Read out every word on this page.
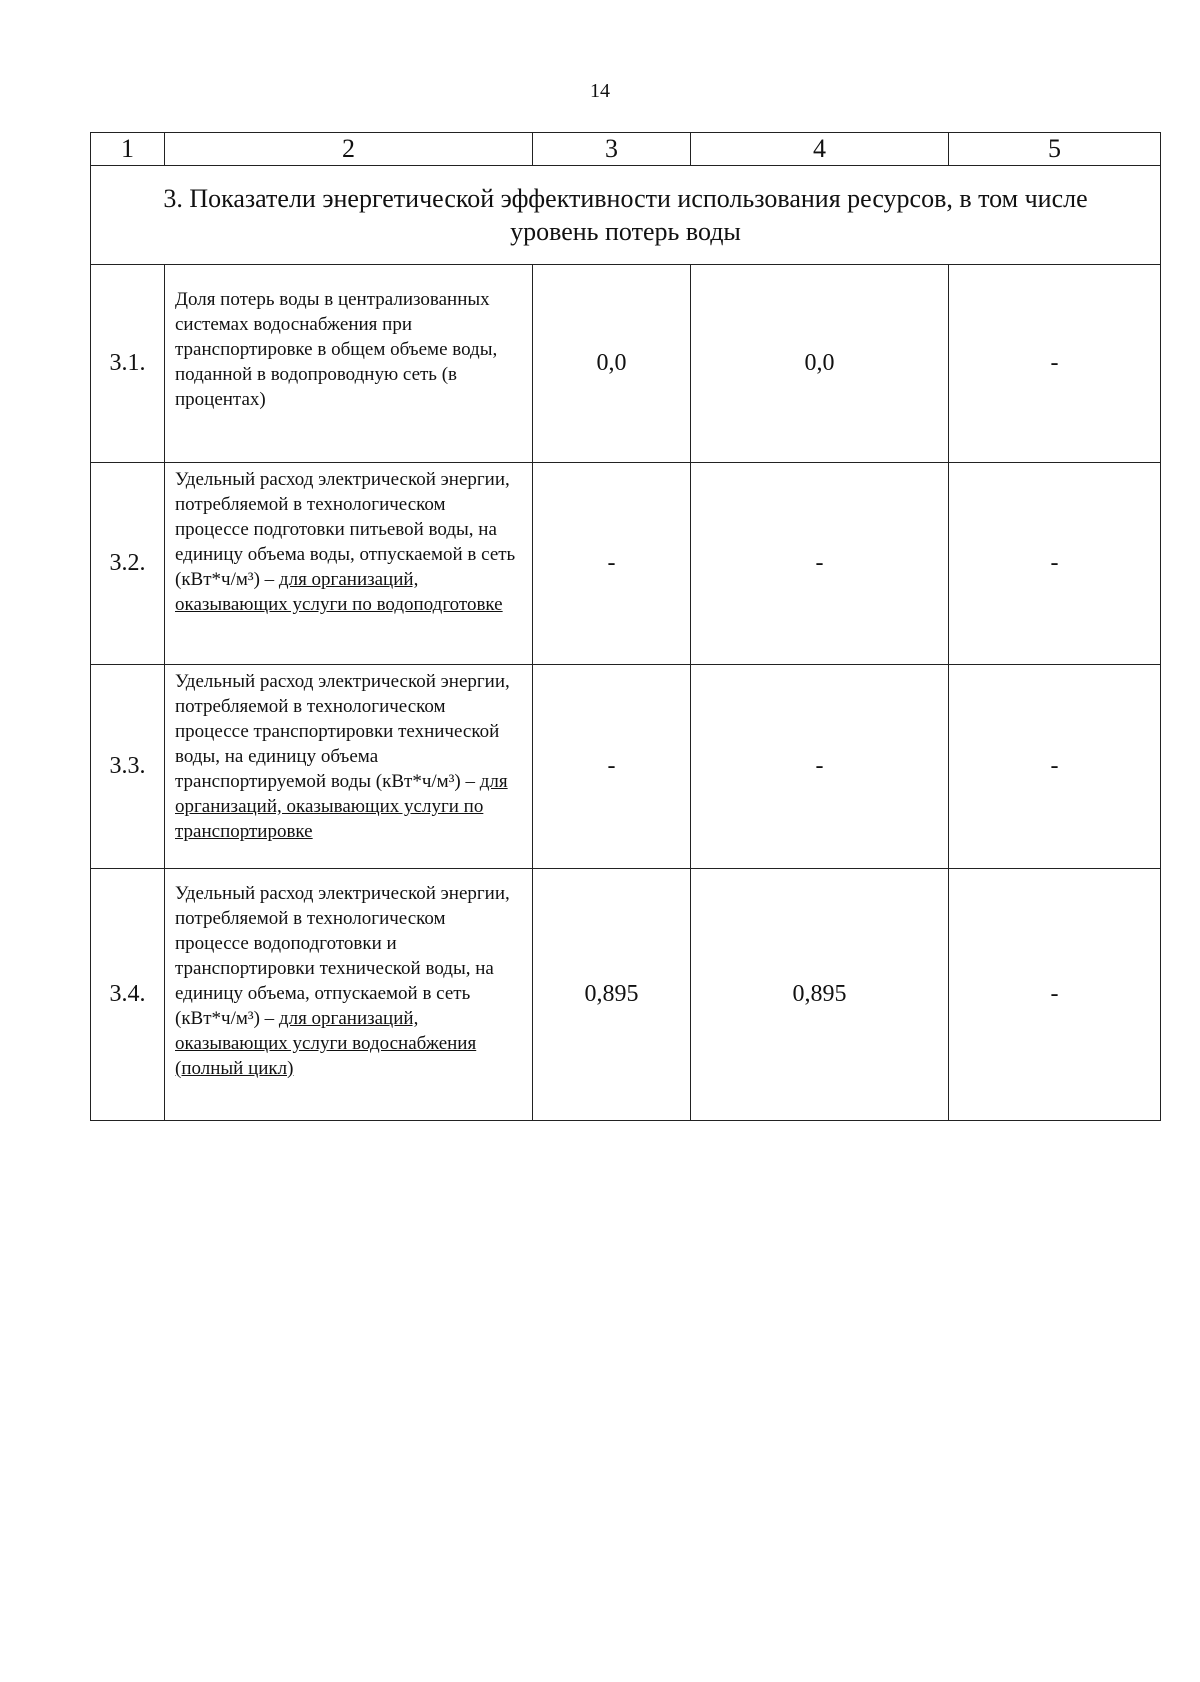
14
1	2	3	4	5
3. Показатели энергетической эффективности использования ресурсов, в том числе уровень потерь воды				
3.1.	Доля потерь воды в централизованных системах водоснабжения при транспортировке в общем объеме воды, поданной в водопроводную сеть (в процентах)	0,0	0,0	-
3.2.	Удельный расход электрической энергии, потребляемой в технологическом процессе подготовки питьевой воды, на единицу объема воды, отпускаемой в сеть (кВт*ч/м³) – для организаций, оказывающих услуги по водоподготовке	-	-	-
3.3.	Удельный расход электрической энергии, потребляемой в технологическом процессе транспортировки технической воды, на единицу объема транспортируемой воды (кВт*ч/м³) – для организаций, оказывающих услуги по транспортировке	-	-	-
3.4.	Удельный расход электрической энергии, потребляемой в технологическом процессе водоподготовки и транспортировки технической воды, на единицу объема, отпускаемой в сеть (кВт*ч/м³) – для организаций, оказывающих услуги водоснабжения (полный цикл)	0,895	0,895	-
